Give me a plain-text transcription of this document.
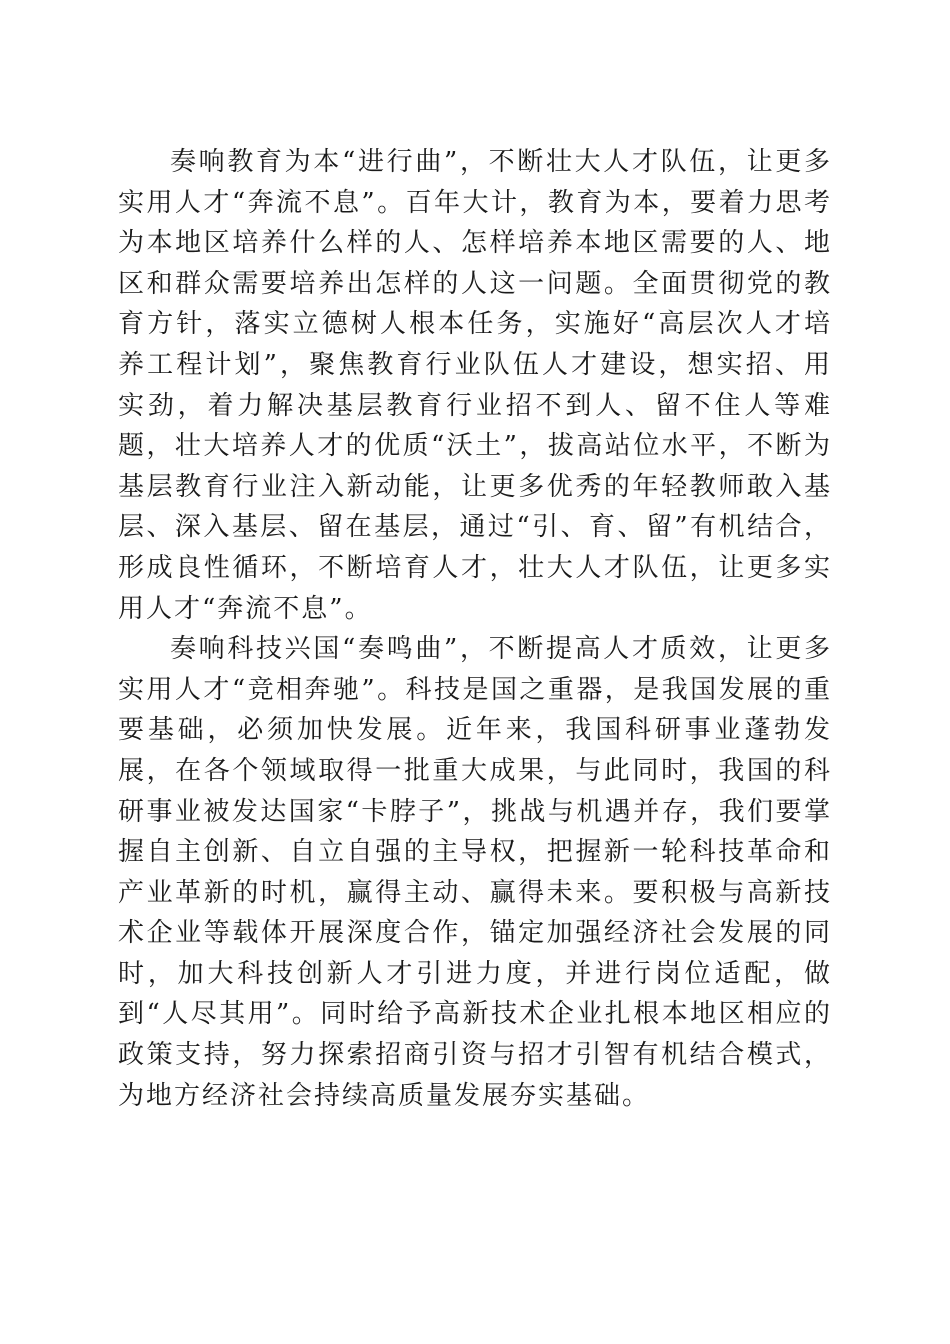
奏响教育为本“进行曲”，不断壮大人才队伍，让更多实用人才“奔流不息”。百年大计，教育为本，要着力思考为本地区培养什么样的人、怎样培养本地区需要的人、地区和群众需要培养出怎样的人这一问题。全面贯彻党的教育方针，落实立德树人根本任务，实施好“高层次人才培养工程计划”，聚焦教育行业队伍人才建设，想实招、用实劲，着力解决基层教育行业招不到人、留不住人等难题，壮大培养人才的优质“沃土”，拔高站位水平，不断为基层教育行业注入新动能，让更多优秀的年轻教师敢入基层、深入基层、留在基层，通过“引、育、留”有机结合，形成良性循环，不断培育人才，壮大人才队伍，让更多实用人才“奔流不息”。

奏响科技兴国“奏鸣曲”，不断提高人才质效，让更多实用人才“竞相奔驰”。科技是国之重器，是我国发展的重要基础，必须加快发展。近年来，我国科研事业蓬勃发展，在各个领域取得一批重大成果，与此同时，我国的科研事业被发达国家“卡脖子”，挑战与机遇并存，我们要掌握自主创新、自立自强的主导权，把握新一轮科技革命和产业革新的时机，赢得主动、赢得未来。要积极与高新技术企业等载体开展深度合作，锚定加强经济社会发展的同时，加大科技创新人才引进力度，并进行岗位适配，做到“人尽其用”。同时给予高新技术企业扎根本地区相应的政策支持，努力探索招商引资与招才引智有机结合模式，为地方经济社会持续高质量发展夯实基础。
